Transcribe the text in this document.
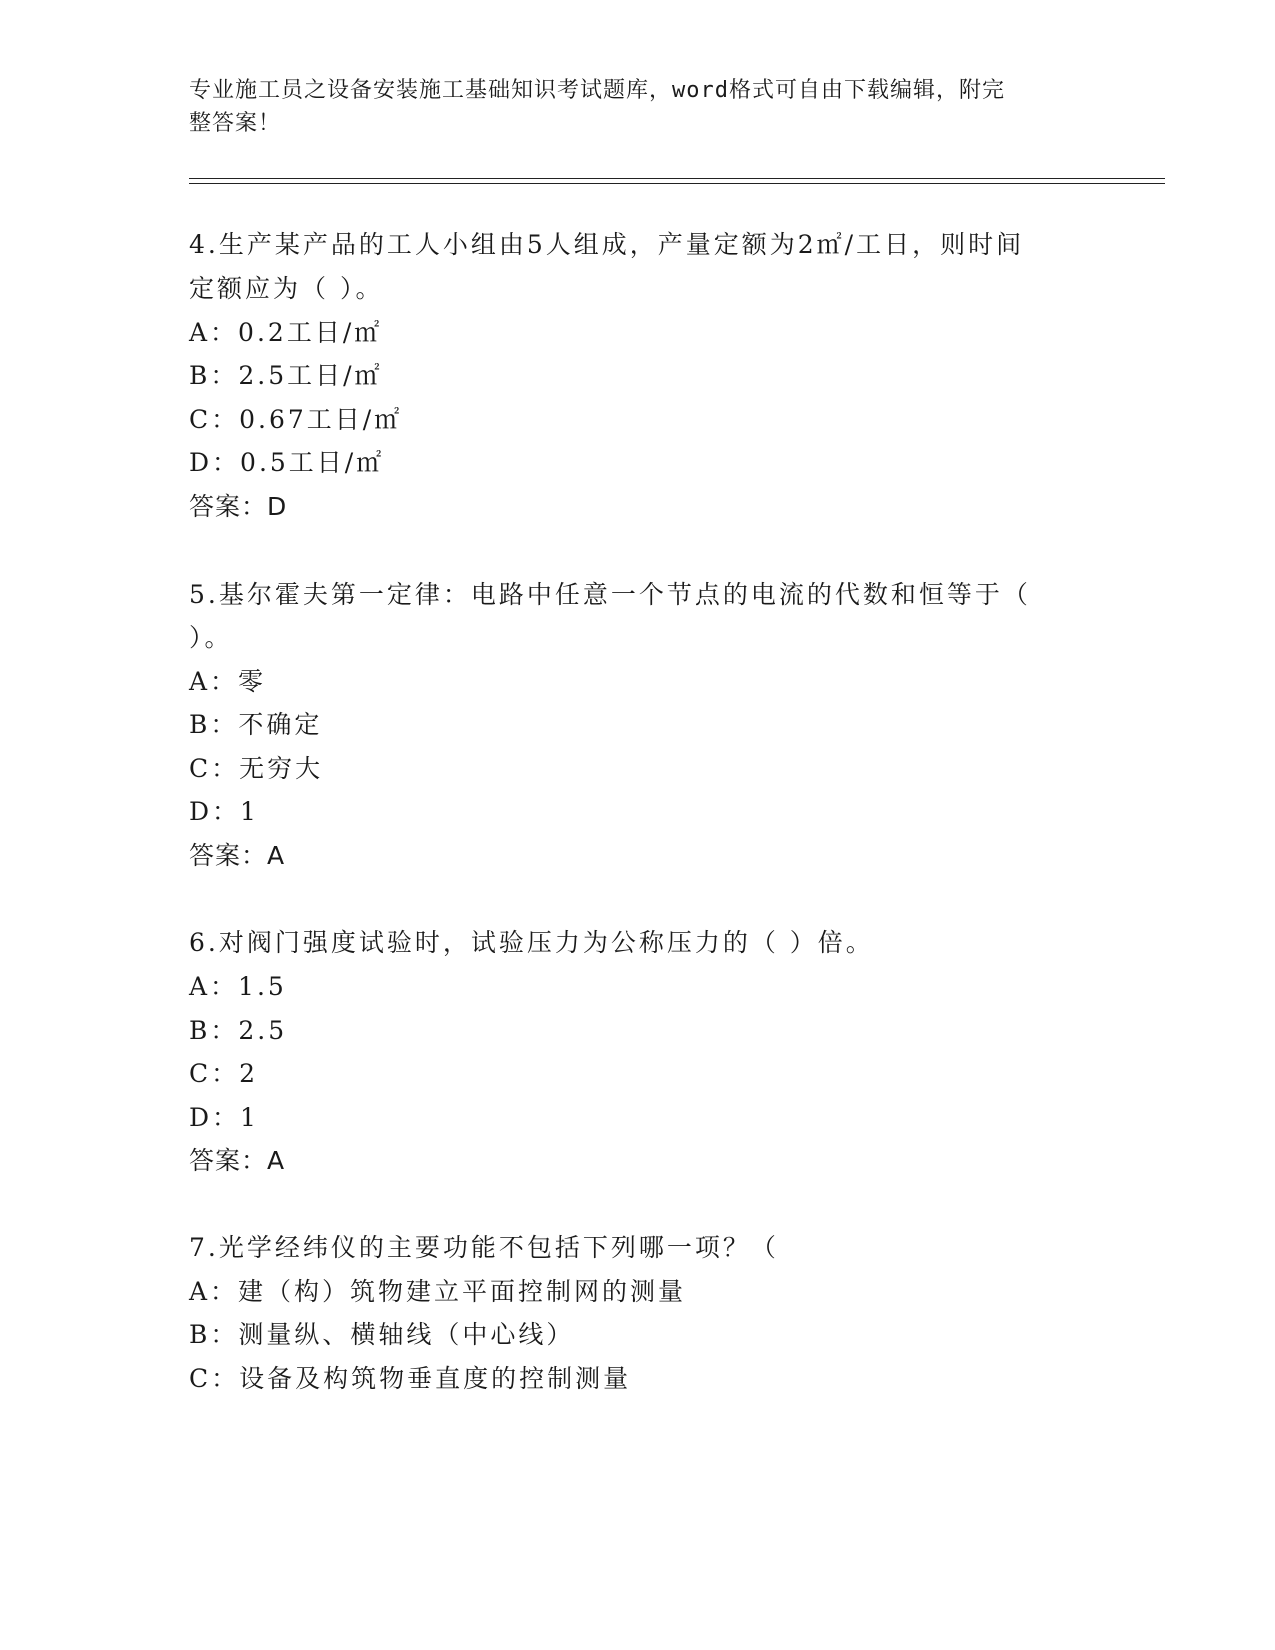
专业施工员之设备安装施工基础知识考试题库，word格式可自由下载编辑，附完
整答案！
4.生产某产品的工人小组由5人组成，产量定额为2㎡/工日，则时间
定额应为（ ）。
A：0.2工日/㎡
B：2.5工日/㎡
C：0.67工日/㎡
D：0.5工日/㎡
答案：D
5.基尔霍夫第一定律：电路中任意一个节点的电流的代数和恒等于（
）。
A：零
B：不确定
C：无穷大
D：1
答案：A
6.对阀门强度试验时，试验压力为公称压力的（ ）倍。
A：1.5
B：2.5
C：2
D：1
答案：A
7.光学经纬仪的主要功能不包括下列哪一项？（
A：建（构）筑物建立平面控制网的测量
B：测量纵、横轴线（中心线）
C：设备及构筑物垂直度的控制测量
